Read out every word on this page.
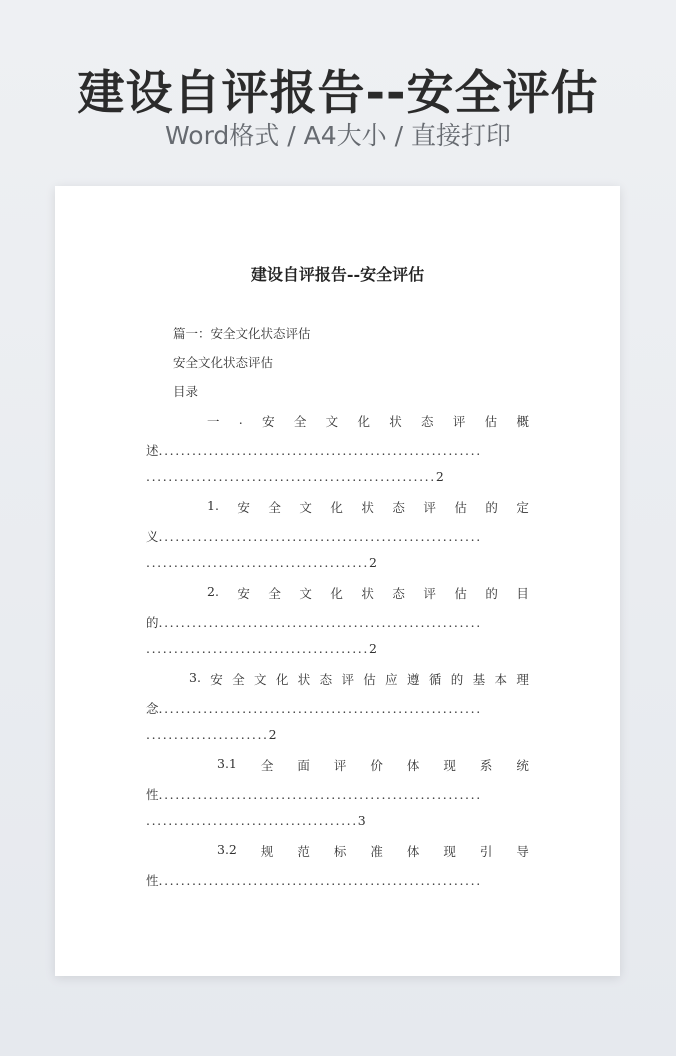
建设自评报告--安全评估
Word格式 / A4大小 / 直接打印
建设自评报告--安全评估
篇一：安全文化状态评估
安全文化状态评估
目录
一 . 安 全 文 化 状 态 评 估 概
述..........................................................
....................................................2
1. 安 全 文 化 状 态 评 估 的 定
义..........................................................
........................................2
2. 安 全 文 化 状 态 评 估 的 目
的..........................................................
........................................2
3. 安 全 文 化 状 态 评 估 应 遵 循 的 基 本 理
念..........................................................
......................2
3.1 全 面 评 价 体 现 系 统
性..........................................................
......................................3
3.2 规 范 标 准 体 现 引 导
性..........................................................
